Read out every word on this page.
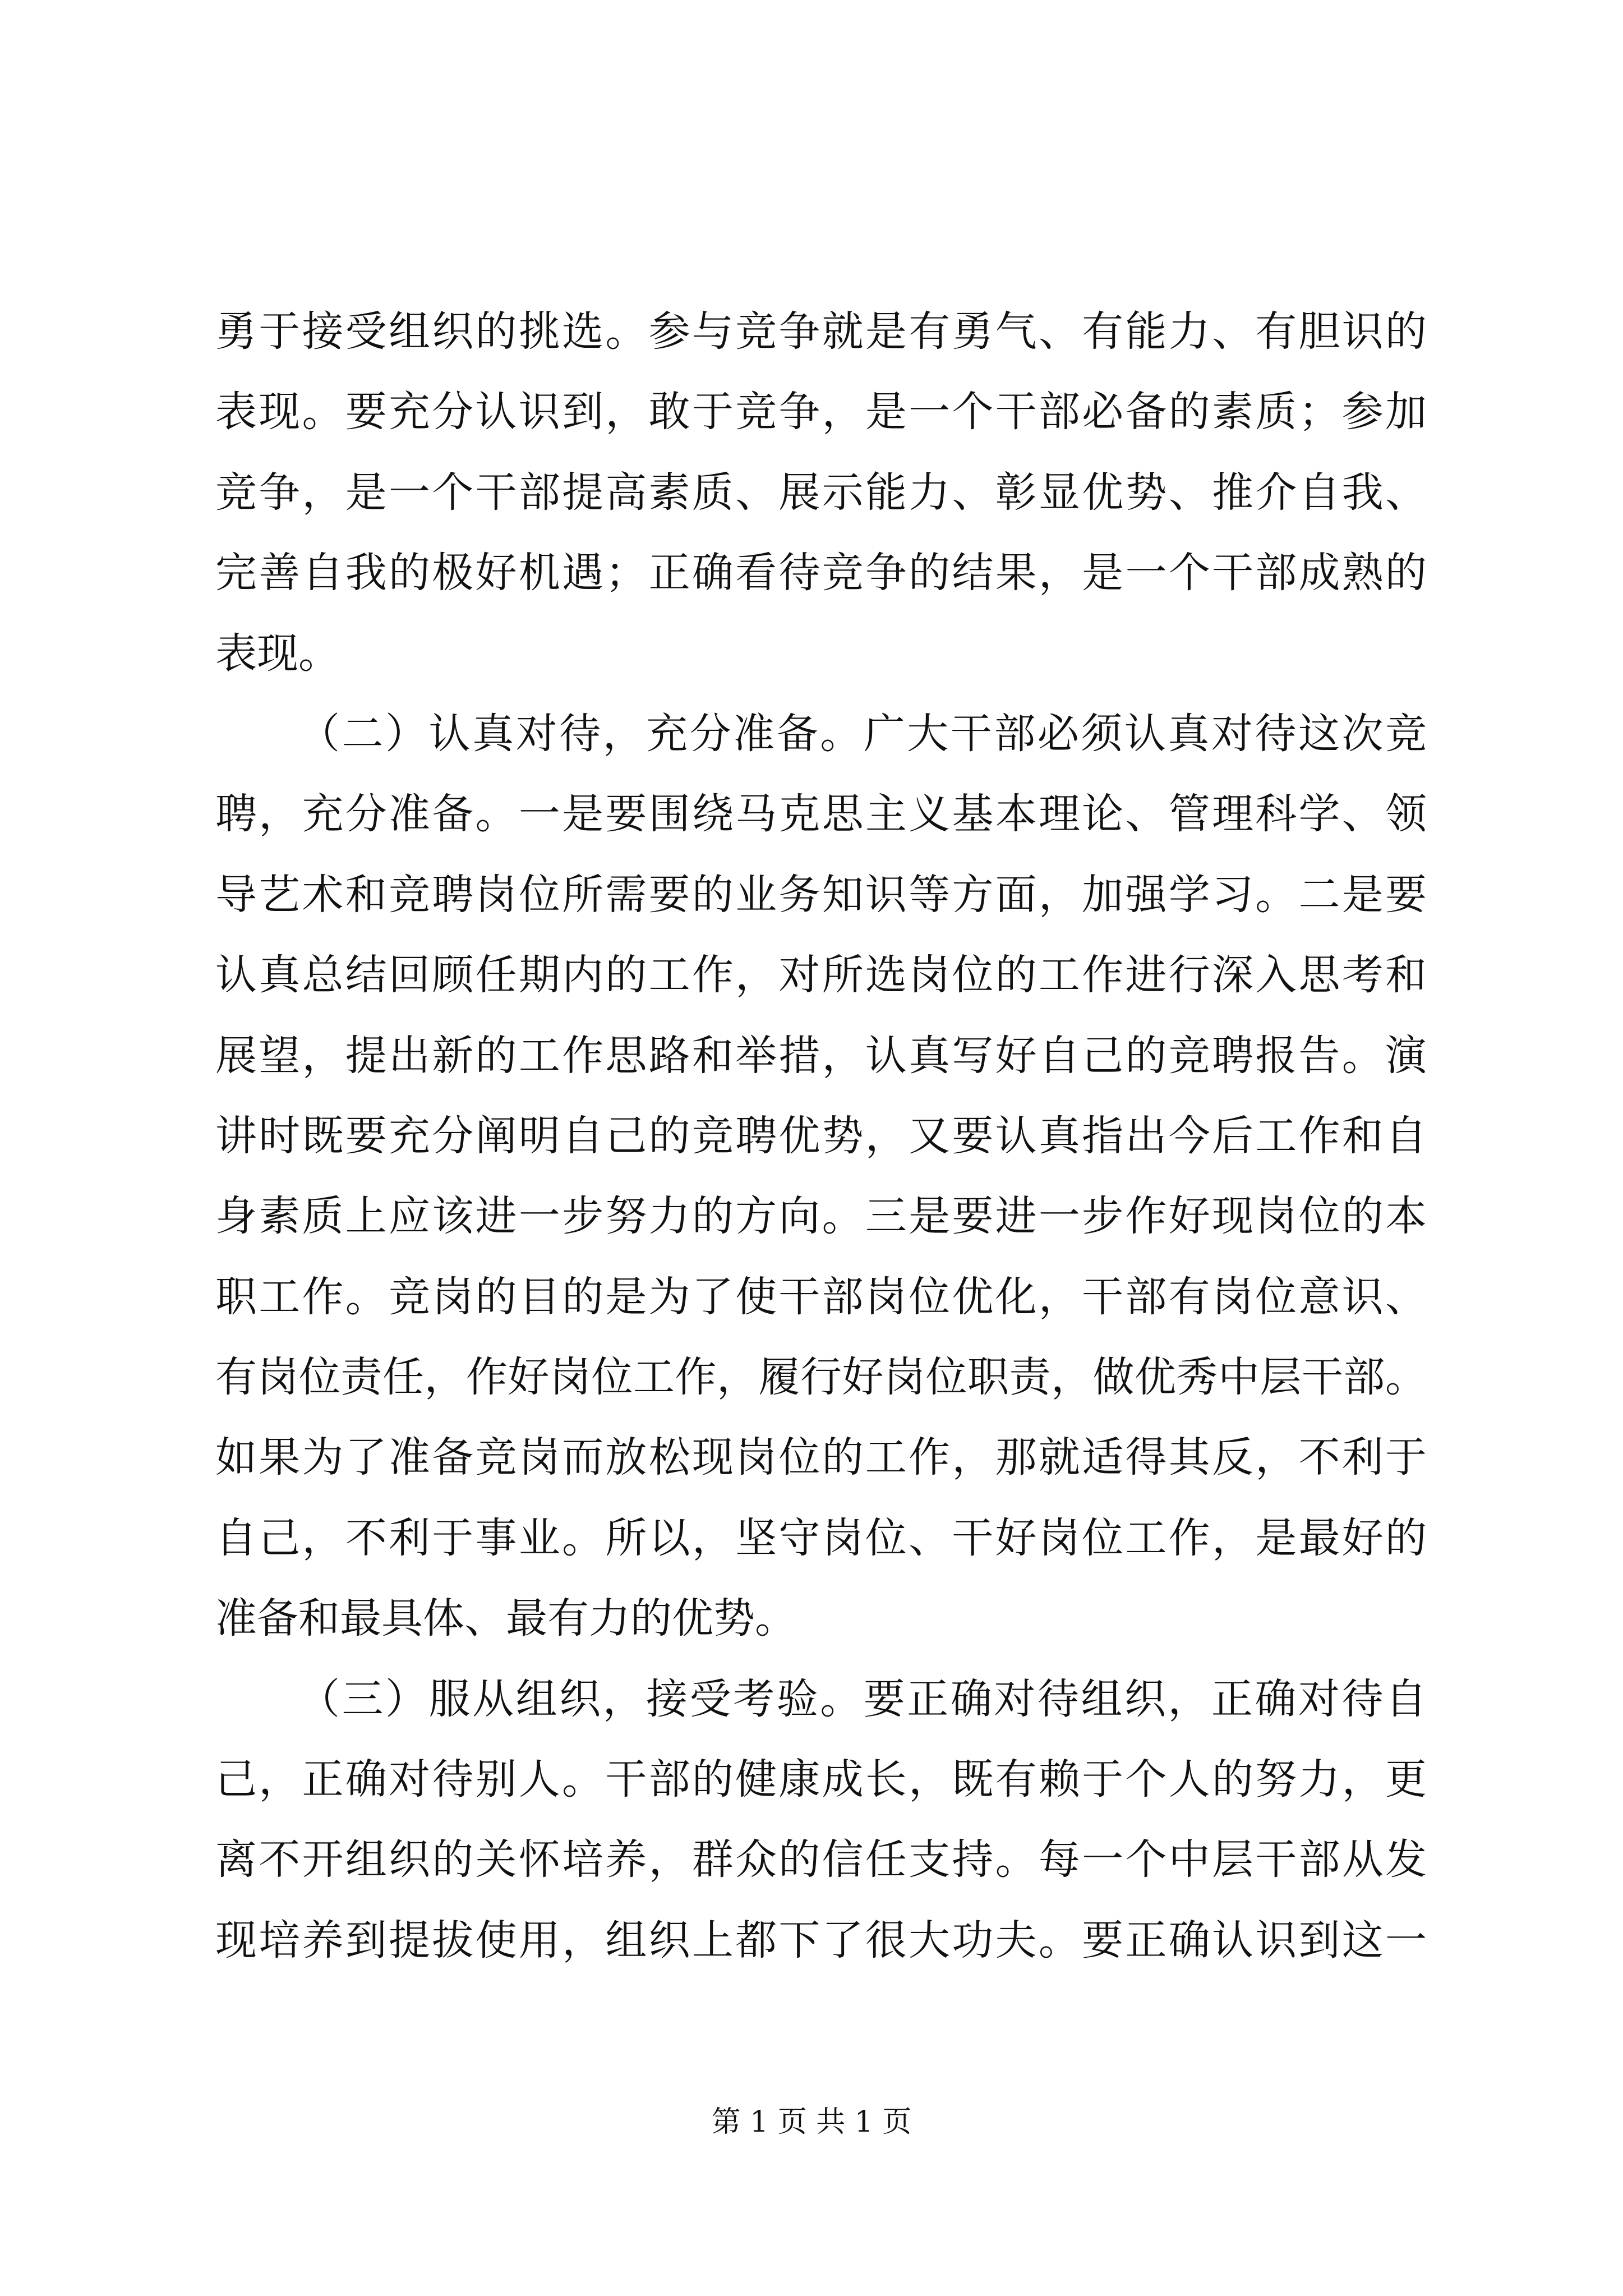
勇于接受组织的挑选。参与竞争就是有勇气、有能力、有胆识的
表现。要充分认识到，敢于竞争，是一个干部必备的素质；参加
竞争，是一个干部提高素质、展示能力、彰显优势、推介自我、
完善自我的极好机遇；正确看待竞争的结果，是一个干部成熟的
表现。
（二）认真对待，充分准备。广大干部必须认真对待这次竞
聘，充分准备。一是要围绕马克思主义基本理论、管理科学、领
导艺术和竞聘岗位所需要的业务知识等方面，加强学习。二是要
认真总结回顾任期内的工作，对所选岗位的工作进行深入思考和
展望，提出新的工作思路和举措，认真写好自己的竞聘报告。演
讲时既要充分阐明自己的竞聘优势，又要认真指出今后工作和自
身素质上应该进一步努力的方向。三是要进一步作好现岗位的本
职工作。竞岗的目的是为了使干部岗位优化，干部有岗位意识、
有岗位责任，作好岗位工作，履行好岗位职责，做优秀中层干部。
如果为了准备竞岗而放松现岗位的工作，那就适得其反，不利于
自己，不利于事业。所以，坚守岗位、干好岗位工作，是最好的
准备和最具体、最有力的优势。
（三）服从组织，接受考验。要正确对待组织，正确对待自
己，正确对待别人。干部的健康成长，既有赖于个人的努力，更
离不开组织的关怀培养，群众的信任支持。每一个中层干部从发
现培养到提拔使用，组织上都下了很大功夫。要正确认识到这一
第 1 页 共 1 页
